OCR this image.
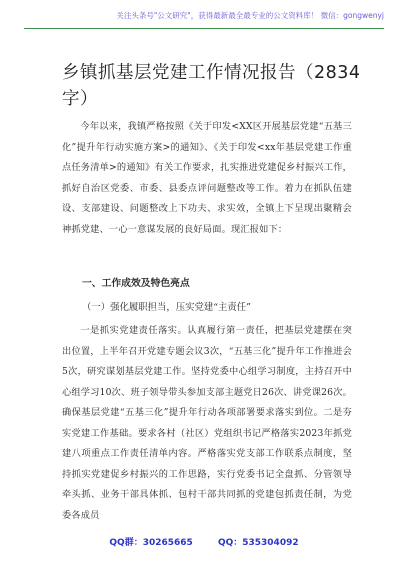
关注头条号"公文研究"，获得最新最全最专业的公文资料库！ 微信：gongwenyj
乡镇抓基层党建工作情况报告（2834字）
今年以来，我镇严格按照《关于印发<XX区开展基层党建“五基三化”提升年行动实施方案>的通知》、《关于印发<xx年基层党建工作重点任务清单>的通知》有关工作要求，扎实推进党建促乡村振兴工作，抓好自治区党委、市委、县委点评问题整改等工作。着力在抓队伍建设、支部建设、问题整改上下功夫、求实效，全镇上下呈现出聚精会神抓党建、一心一意谋发展的良好局面。现汇报如下：
一、工作成效及特色亮点
（一）强化履职担当，压实党建“主责任”
一是抓实党建责任落实。认真履行第一责任，把基层党建摆在突出位置，上半年召开党建专题会议3次，“五基三化”提升年工作推进会5次，研究谋划基层党建工作。坚持党委中心组学习制度，主持召开中心组学习10次、班子领导带头参加支部主题党日26次、讲党课26次。确保基层党建“五基三化”提升年行动各项部署要求落实到位。二是夯实党建工作基础。要求各村（社区）党组织书记严格落实2023年抓党建八项重点工作责任清单内容。严格落实党支部工作联系点制度，坚持抓实党建促乡村振兴的工作思路，实行党委书记全盘抓、分管领导牵头抓、业务干部具体抓、包村干部共同抓的党建包抓责任制，为党委各成员
QQ群：30265665	QQ：535304092
